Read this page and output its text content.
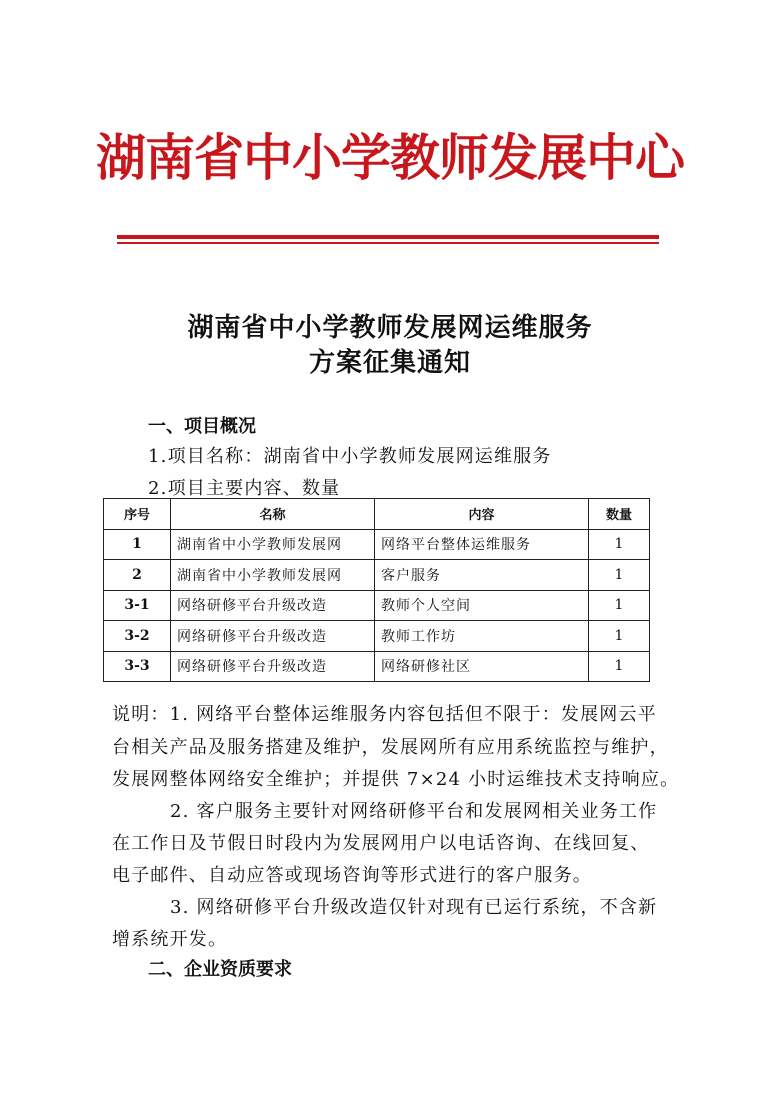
湖南省中小学教师发展中心
湖南省中小学教师发展网运维服务
方案征集通知
一、项目概况
1.项目名称：湖南省中小学教师发展网运维服务
2.项目主要内容、数量
序号	名称	内容	数量
1	湖南省中小学教师发展网	网络平台整体运维服务	1
2	湖南省中小学教师发展网	客户服务	1
3-1	网络研修平台升级改造	教师个人空间	1
3-2	网络研修平台升级改造	教师工作坊	1
3-3	网络研修平台升级改造	网络研修社区	1
说明：1. 网络平台整体运维服务内容包括但不限于：发展网云平
台相关产品及服务搭建及维护，发展网所有应用系统监控与维护，
发展网整体网络安全维护；并提供 7×24 小时运维技术支持响应。
2. 客户服务主要针对网络研修平台和发展网相关业务工作
在工作日及节假日时段内为发展网用户以电话咨询、在线回复、
电子邮件、自动应答或现场咨询等形式进行的客户服务。
3. 网络研修平台升级改造仅针对现有已运行系统，不含新
增系统开发。
二、企业资质要求
